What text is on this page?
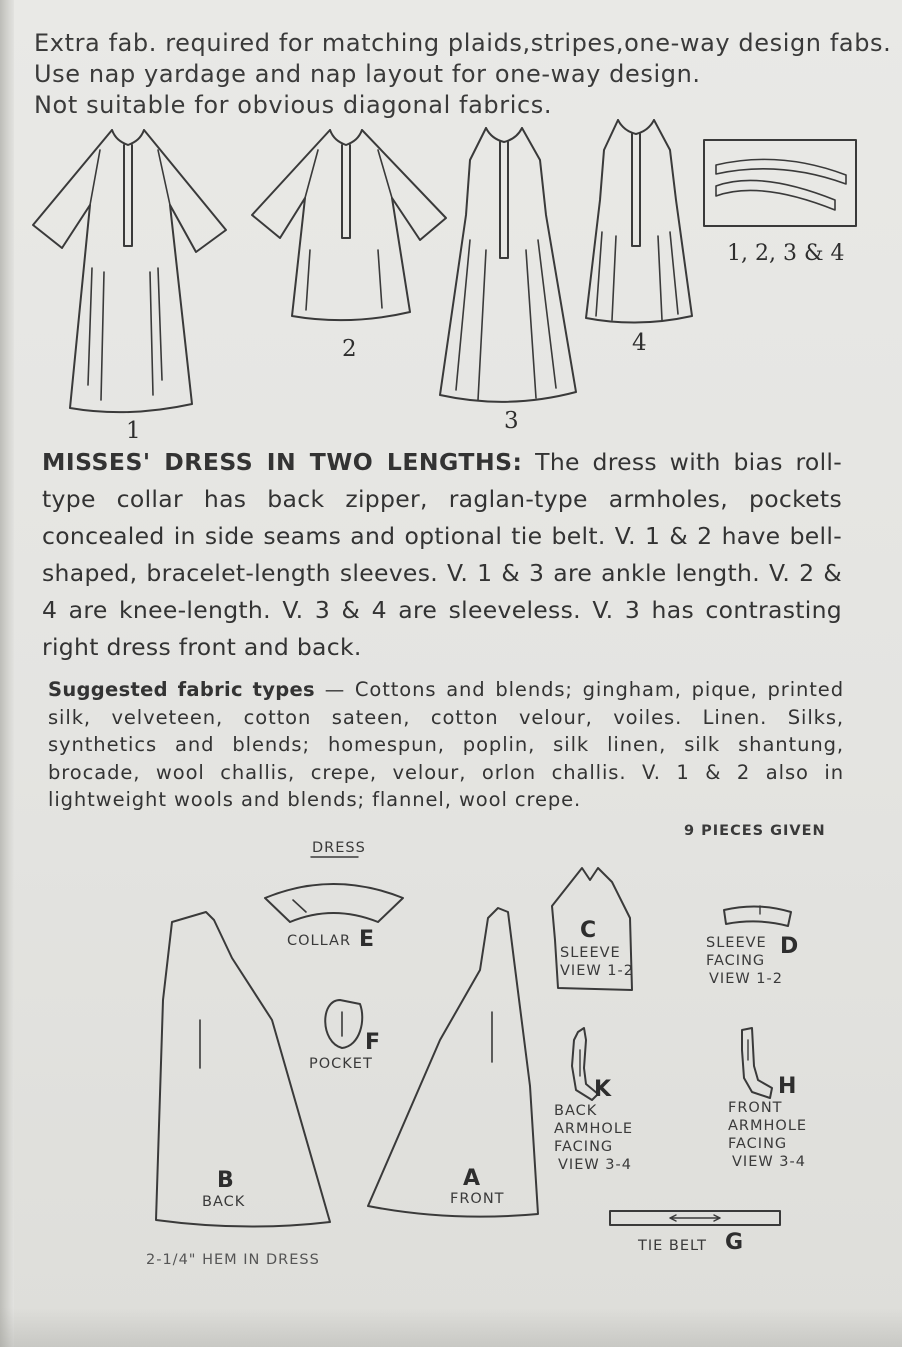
Extra fab. required for matching plaids,stripes,one-way design fabs.
Use nap yardage and nap layout for one-way design.
Not suitable for obvious diagonal fabrics.
1
2
3
4
1, 2, 3 & 4
MISSES' DRESS IN TWO LENGTHS: The dress with bias roll-type collar has back zipper, raglan-type armholes, pockets concealed in side seams and optional tie belt. V. 1 & 2 have bell-shaped, bracelet-length sleeves. V. 1 & 3 are ankle length. V. 2 & 4 are knee-length. V. 3 & 4 are sleeveless. V. 3 has contrasting right dress front and back.
Suggested fabric types — Cottons and blends; gingham, pique, printed silk, velveteen, cotton sateen, cotton velour, voiles. Linen. Silks, synthetics and blends; homespun, poplin, silk linen, silk shantung, brocade, wool challis, crepe, velour, orlon challis. V. 1 & 2 also in lightweight wools and blends; flannel, wool crepe.
9 PIECES GIVEN
DRESS
COLLAR E
F
POCKET
B
BACK
A
FRONT
C
SLEEVE
VIEW 1-2
SLEEVE
FACING
VIEW 1-2
D
K
BACK
ARMHOLE
FACING
VIEW 3-4
H
FRONT
ARMHOLE
FACING
VIEW 3-4
TIE BELT G
2-1/4" HEM IN DRESS
